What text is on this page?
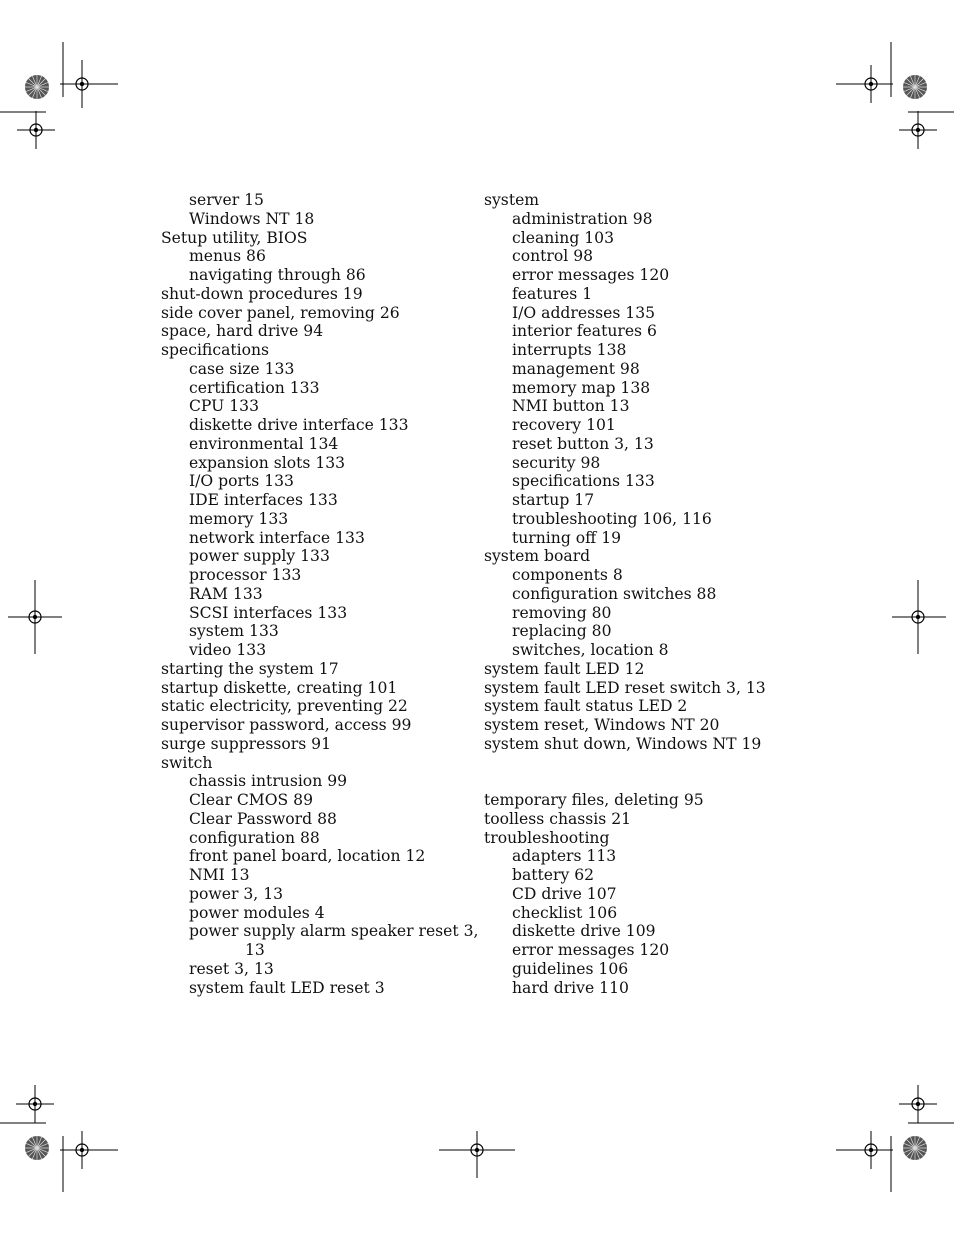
server 15
Windows NT 18
Setup utility, BIOS
menus 86
navigating through 86
shut-down procedures 19
side cover panel, removing 26
space, hard drive 94
specifications
case size 133
certification 133
CPU 133
diskette drive interface 133
environmental 134
expansion slots 133
I/O ports 133
IDE interfaces 133
memory 133
network interface 133
power supply 133
processor 133
RAM 133
SCSI interfaces 133
system 133
video 133
starting the system 17
startup diskette, creating 101
static electricity, preventing 22
supervisor password, access 99
surge suppressors 91
switch
chassis intrusion 99
Clear CMOS 89
Clear Password 88
configuration 88
front panel board, location 12
NMI 13
power 3, 13
power modules 4
power supply alarm speaker reset 3,
13
reset 3, 13
system fault LED reset 3
system
administration 98
cleaning 103
control 98
error messages 120
features 1
I/O addresses 135
interior features 6
interrupts 138
management 98
memory map 138
NMI button 13
recovery 101
reset button 3, 13
security 98
specifications 133
startup 17
troubleshooting 106, 116
turning off 19
system board
components 8
configuration switches 88
removing 80
replacing 80
switches, location 8
system fault LED 12
system fault LED reset switch 3, 13
system fault status LED 2
system reset, Windows NT 20
system shut down, Windows NT 19
temporary files, deleting 95
toolless chassis 21
troubleshooting
adapters 113
battery 62
CD drive 107
checklist 106
diskette drive 109
error messages 120
guidelines 106
hard drive 110
